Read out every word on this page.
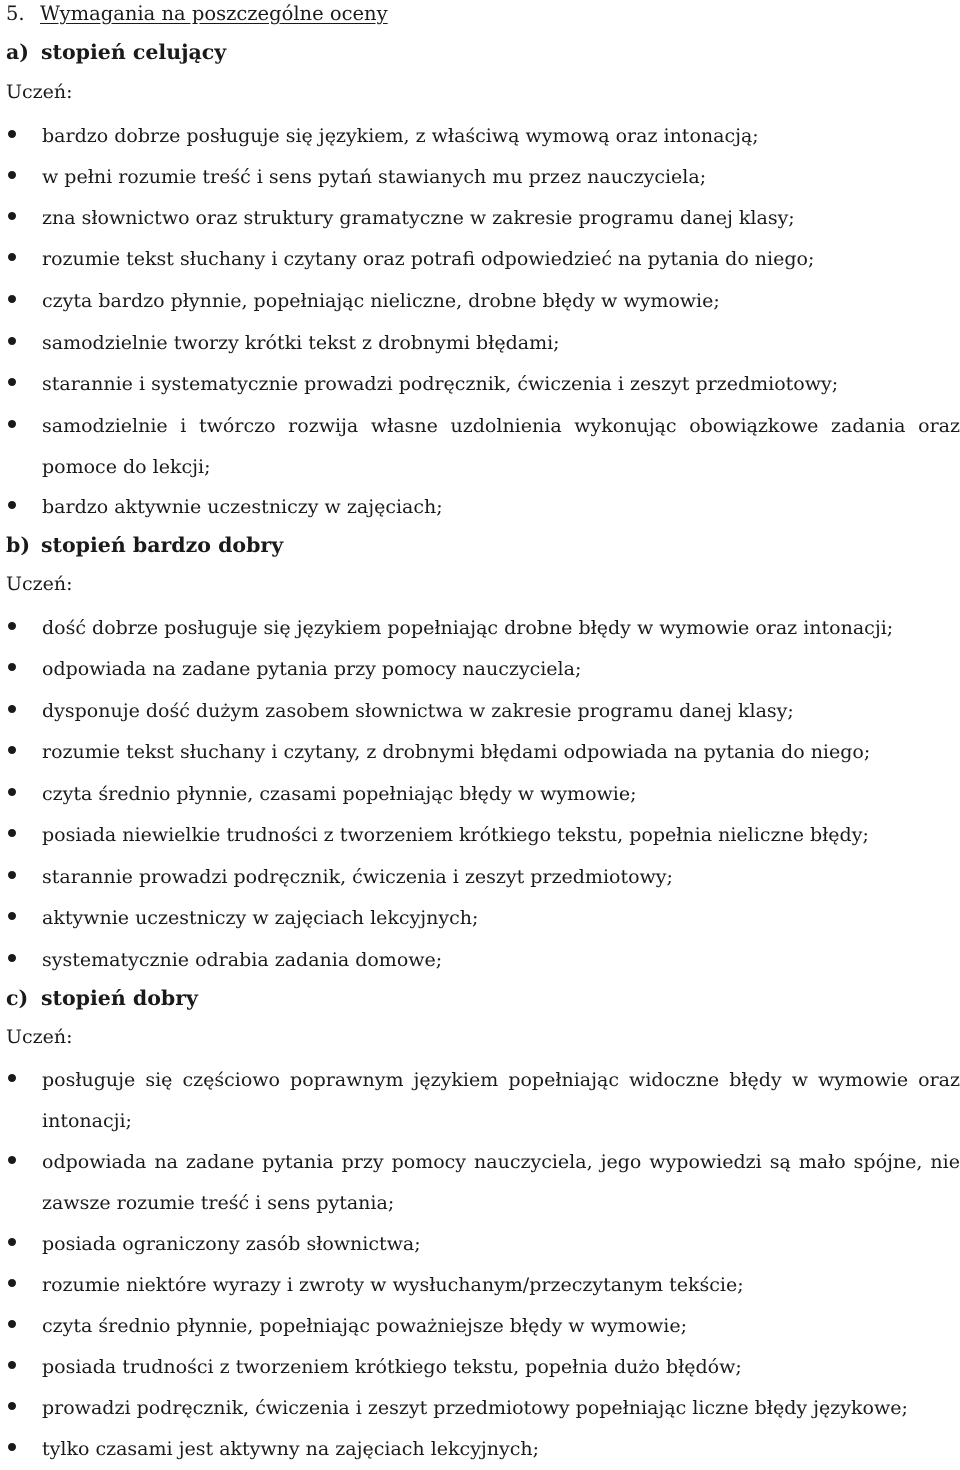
5. Wymagania na poszczególne oceny
a) stopień celujący
Uczeń:
bardzo dobrze posługuje się językiem, z właściwą wymową oraz intonacją;
w pełni rozumie treść i sens pytań stawianych mu przez nauczyciela;
zna słownictwo oraz struktury gramatyczne w zakresie programu danej klasy;
rozumie tekst słuchany i czytany oraz potrafi odpowiedzieć na pytania do niego;
czyta bardzo płynnie, popełniając nieliczne, drobne błędy w wymowie;
samodzielnie tworzy krótki tekst z drobnymi błędami;
starannie i systematycznie prowadzi podręcznik, ćwiczenia i zeszyt przedmiotowy;
samodzielnie i twórczo rozwija własne uzdolnienia wykonując obowiązkowe zadania oraz pomoce do lekcji;
bardzo aktywnie uczestniczy w zajęciach;
b) stopień bardzo dobry
Uczeń:
dość dobrze posługuje się językiem popełniając drobne błędy w wymowie oraz intonacji;
odpowiada na zadane pytania przy pomocy nauczyciela;
dysponuje dość dużym zasobem słownictwa w zakresie programu danej klasy;
rozumie tekst słuchany i czytany, z drobnymi błędami odpowiada na pytania do niego;
czyta średnio płynnie, czasami popełniając błędy w wymowie;
posiada niewielkie trudności z tworzeniem krótkiego tekstu, popełnia nieliczne błędy;
starannie prowadzi podręcznik, ćwiczenia i zeszyt przedmiotowy;
aktywnie uczestniczy w zajęciach lekcyjnych;
systematycznie odrabia zadania domowe;
c) stopień dobry
Uczeń:
posługuje się częściowo poprawnym językiem popełniając widoczne błędy w wymowie oraz intonacji;
odpowiada na zadane pytania przy pomocy nauczyciela, jego wypowiedzi są mało spójne, nie zawsze rozumie treść i sens pytania;
posiada ograniczony zasób słownictwa;
rozumie niektóre wyrazy i zwroty w wysłuchanym/przeczytanym tekście;
czyta średnio płynnie, popełniając poważniejsze błędy w wymowie;
posiada trudności z tworzeniem krótkiego tekstu, popełnia dużo błędów;
prowadzi podręcznik, ćwiczenia i zeszyt przedmiotowy popełniając liczne błędy językowe;
tylko czasami jest aktywny na zajęciach lekcyjnych;
